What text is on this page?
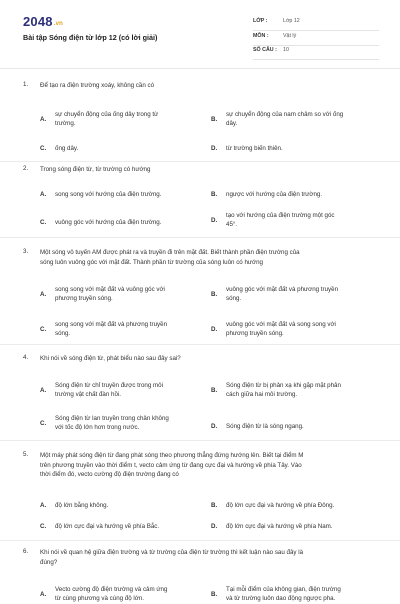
2048.vn
Bài tập Sóng điện từ lớp 12 (có lời giải)
LỚP :	Lớp 12
MÔN :	Vật lý
SỐ CÂU : 10
1. Để tạo ra điện trường xoáy, không cần có
A.
sự chuyển động của ống dây trong từ
trường.
B.
sự chuyển động của nam châm so với ống
dây.
C. ống dây.	D. từ trường biến thiên.
2. Trong sóng điện từ, từ trường có hướng
A. song song với hướng của điện trường.	B. ngược với hướng của điện trường.
C. vuông góc với hướng của điện trường.	D.
tạo với hướng của điện trường một góc
45°.
3. Một sóng vô tuyến AM được phát ra và truyền đi trên mặt đất. Biết thành phần điện trường của
sóng luôn vuông góc với mặt đất. Thành phần từ trường của sóng luôn có hướng
A.
song song với mặt đất và vuông góc với
phương truyền sóng.
B.
vuông góc với mặt đất và phương truyền
sóng.
C.
song song với mặt đất và phương truyền
sóng.
D.
vuông góc với mặt đất và song song với
phương truyền sóng.
4. Khi nói về sóng điện từ, phát biểu nào sau đây sai?
A.
Sóng điện từ chỉ truyền được trong môi
trường vật chất đàn hồi.
B.
Sóng điện từ bị phản xạ khi gặp mặt phân
cách giữa hai môi trường.
C.
Sóng điện từ lan truyền trong chân không
với tốc độ lớn hơn trong nước.	D. Sóng điện từ là sóng ngang.
5. Một máy phát sóng điện từ đang phát sóng theo phương thẳng đứng hướng lên. Biết tại điểm M
trên phương truyền vào thời điểm t, vecto cảm ứng từ đang cực đại và hướng về phía Tây. Vào
thời điểm đó, vecto cường độ điện trường đang có
A. độ lớn bằng không.	B. độ lớn cực đại và hướng về phía Đông.
C. độ lớn cực đại và hướng về phía Bắc.	D. độ lớn cực đại và hướng về phía Nam.
6. Khi nói về quan hệ giữa điện trường và từ trường của điện từ trường thì kết luận nào sau đây là
đúng?
A.
Vecto cường độ điện trường và cảm ứng
từ cùng phương và cùng độ lớn.
B.
Tại mỗi điểm của không gian, điện trường
và từ trường luôn dao động ngược pha.
